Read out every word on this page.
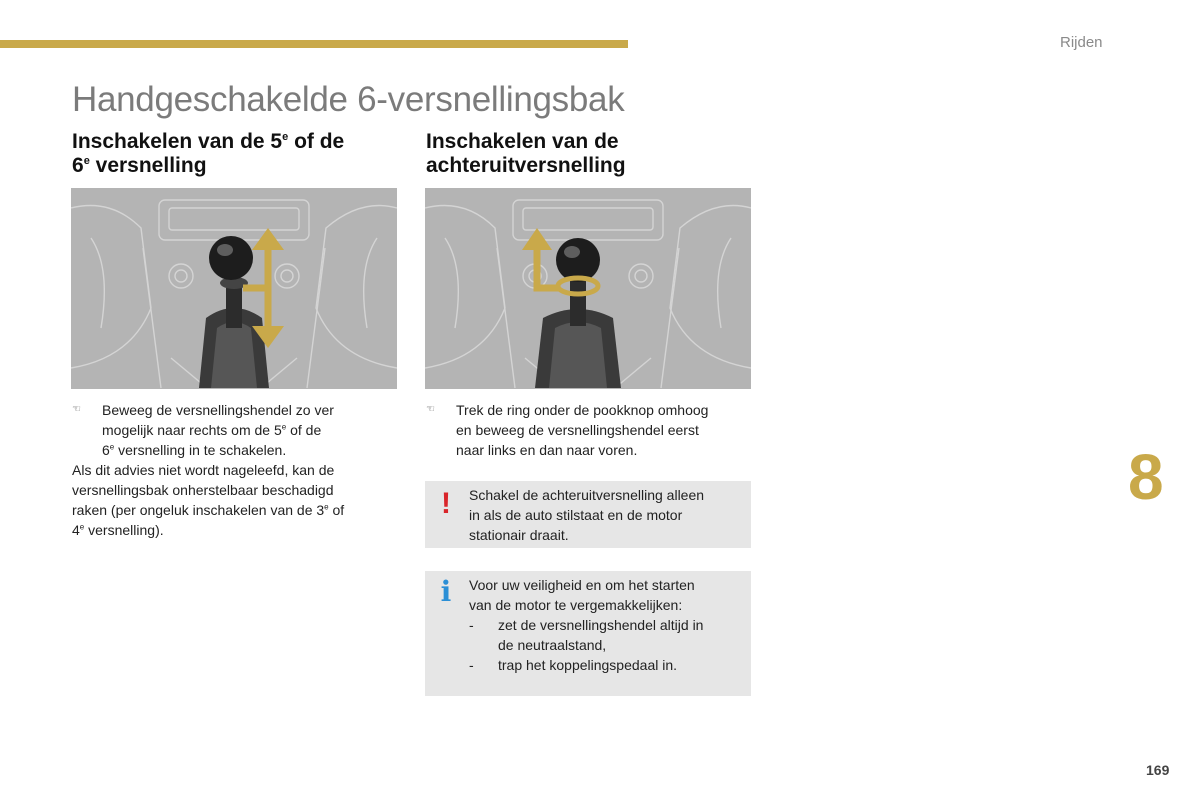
Rijden
Handgeschakelde 6-versnellingsbak
Inschakelen van de 5e of de
6e versnelling
☜ Beweeg de versnellingshendel zo ver
mogelijk naar rechts om de 5e of de
6e versnelling in te schakelen.
Als dit advies niet wordt nageleefd, kan de
versnellingsbak onherstelbaar beschadigd
raken (per ongeluk inschakelen van de 3e of
4e versnelling).
Inschakelen van de
achteruitversnelling
☜ Trek de ring onder de pookknop omhoog
en beweeg de versnellingshendel eerst
naar links en dan naar voren.
! Schakel de achteruitversnelling alleen
in als de auto stilstaat en de motor
stationair draait.
i Voor uw veiligheid en om het starten
van de motor te vergemakkelijken:
- zet de versnellingshendel altijd in
de neutraalstand,
- trap het koppelingspedaal in.
8
169
